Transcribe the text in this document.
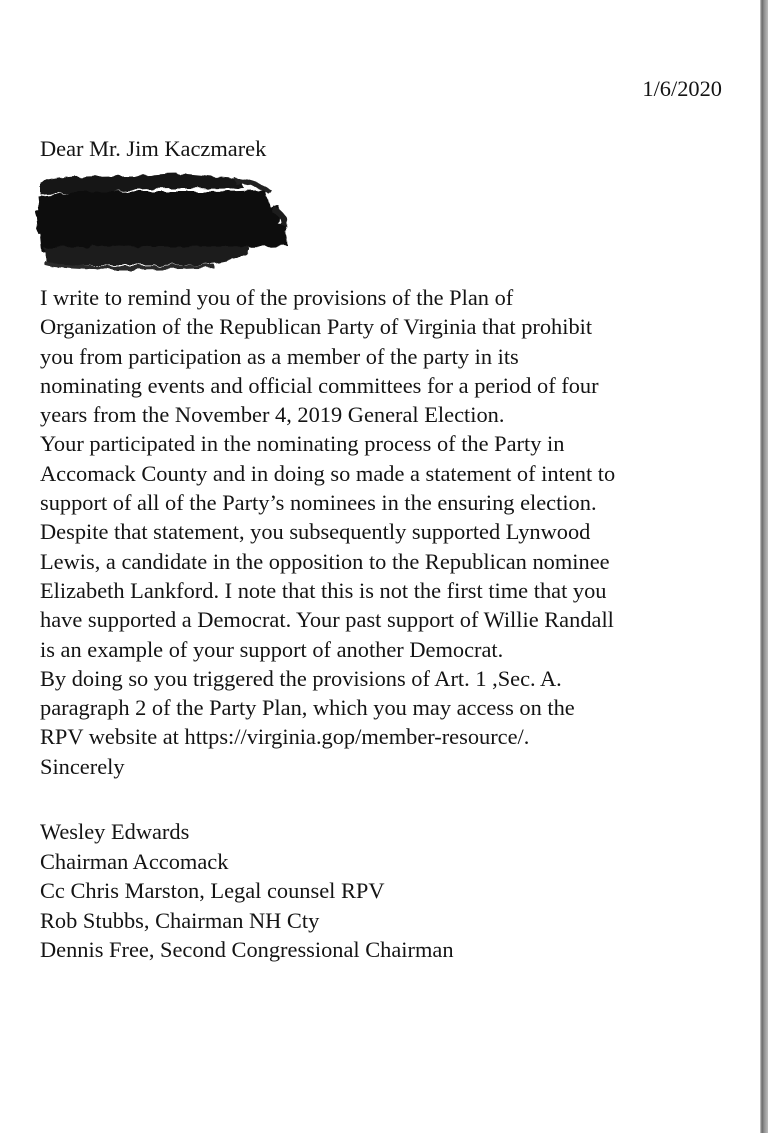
1/6/2020
Dear Mr. Jim Kaczmarek
I write to remind you of the provisions of the Plan of
Organization of the Republican Party of Virginia that prohibit
you from participation as a member of the party in its
nominating events and official committees for a period of four
years from the November 4, 2019 General Election.
Your participated in the nominating process of the Party in
Accomack County and in doing so made a statement of intent to
support of all of the Party’s nominees in the ensuring election.
Despite that statement, you subsequently supported Lynwood
Lewis, a candidate in the opposition to the Republican nominee
Elizabeth Lankford. I note that this is not the first time that you
have supported a Democrat. Your past support of Willie Randall
is an example of your support of another Democrat.
By doing so you triggered the provisions of Art. 1 ,Sec. A.
paragraph 2 of the Party Plan, which you may access on the
RPV website at https://virginia.gop/member-resource/.
Sincerely
Wesley Edwards
Chairman Accomack
Cc Chris Marston, Legal counsel RPV
Rob Stubbs, Chairman NH Cty
Dennis Free, Second Congressional Chairman
